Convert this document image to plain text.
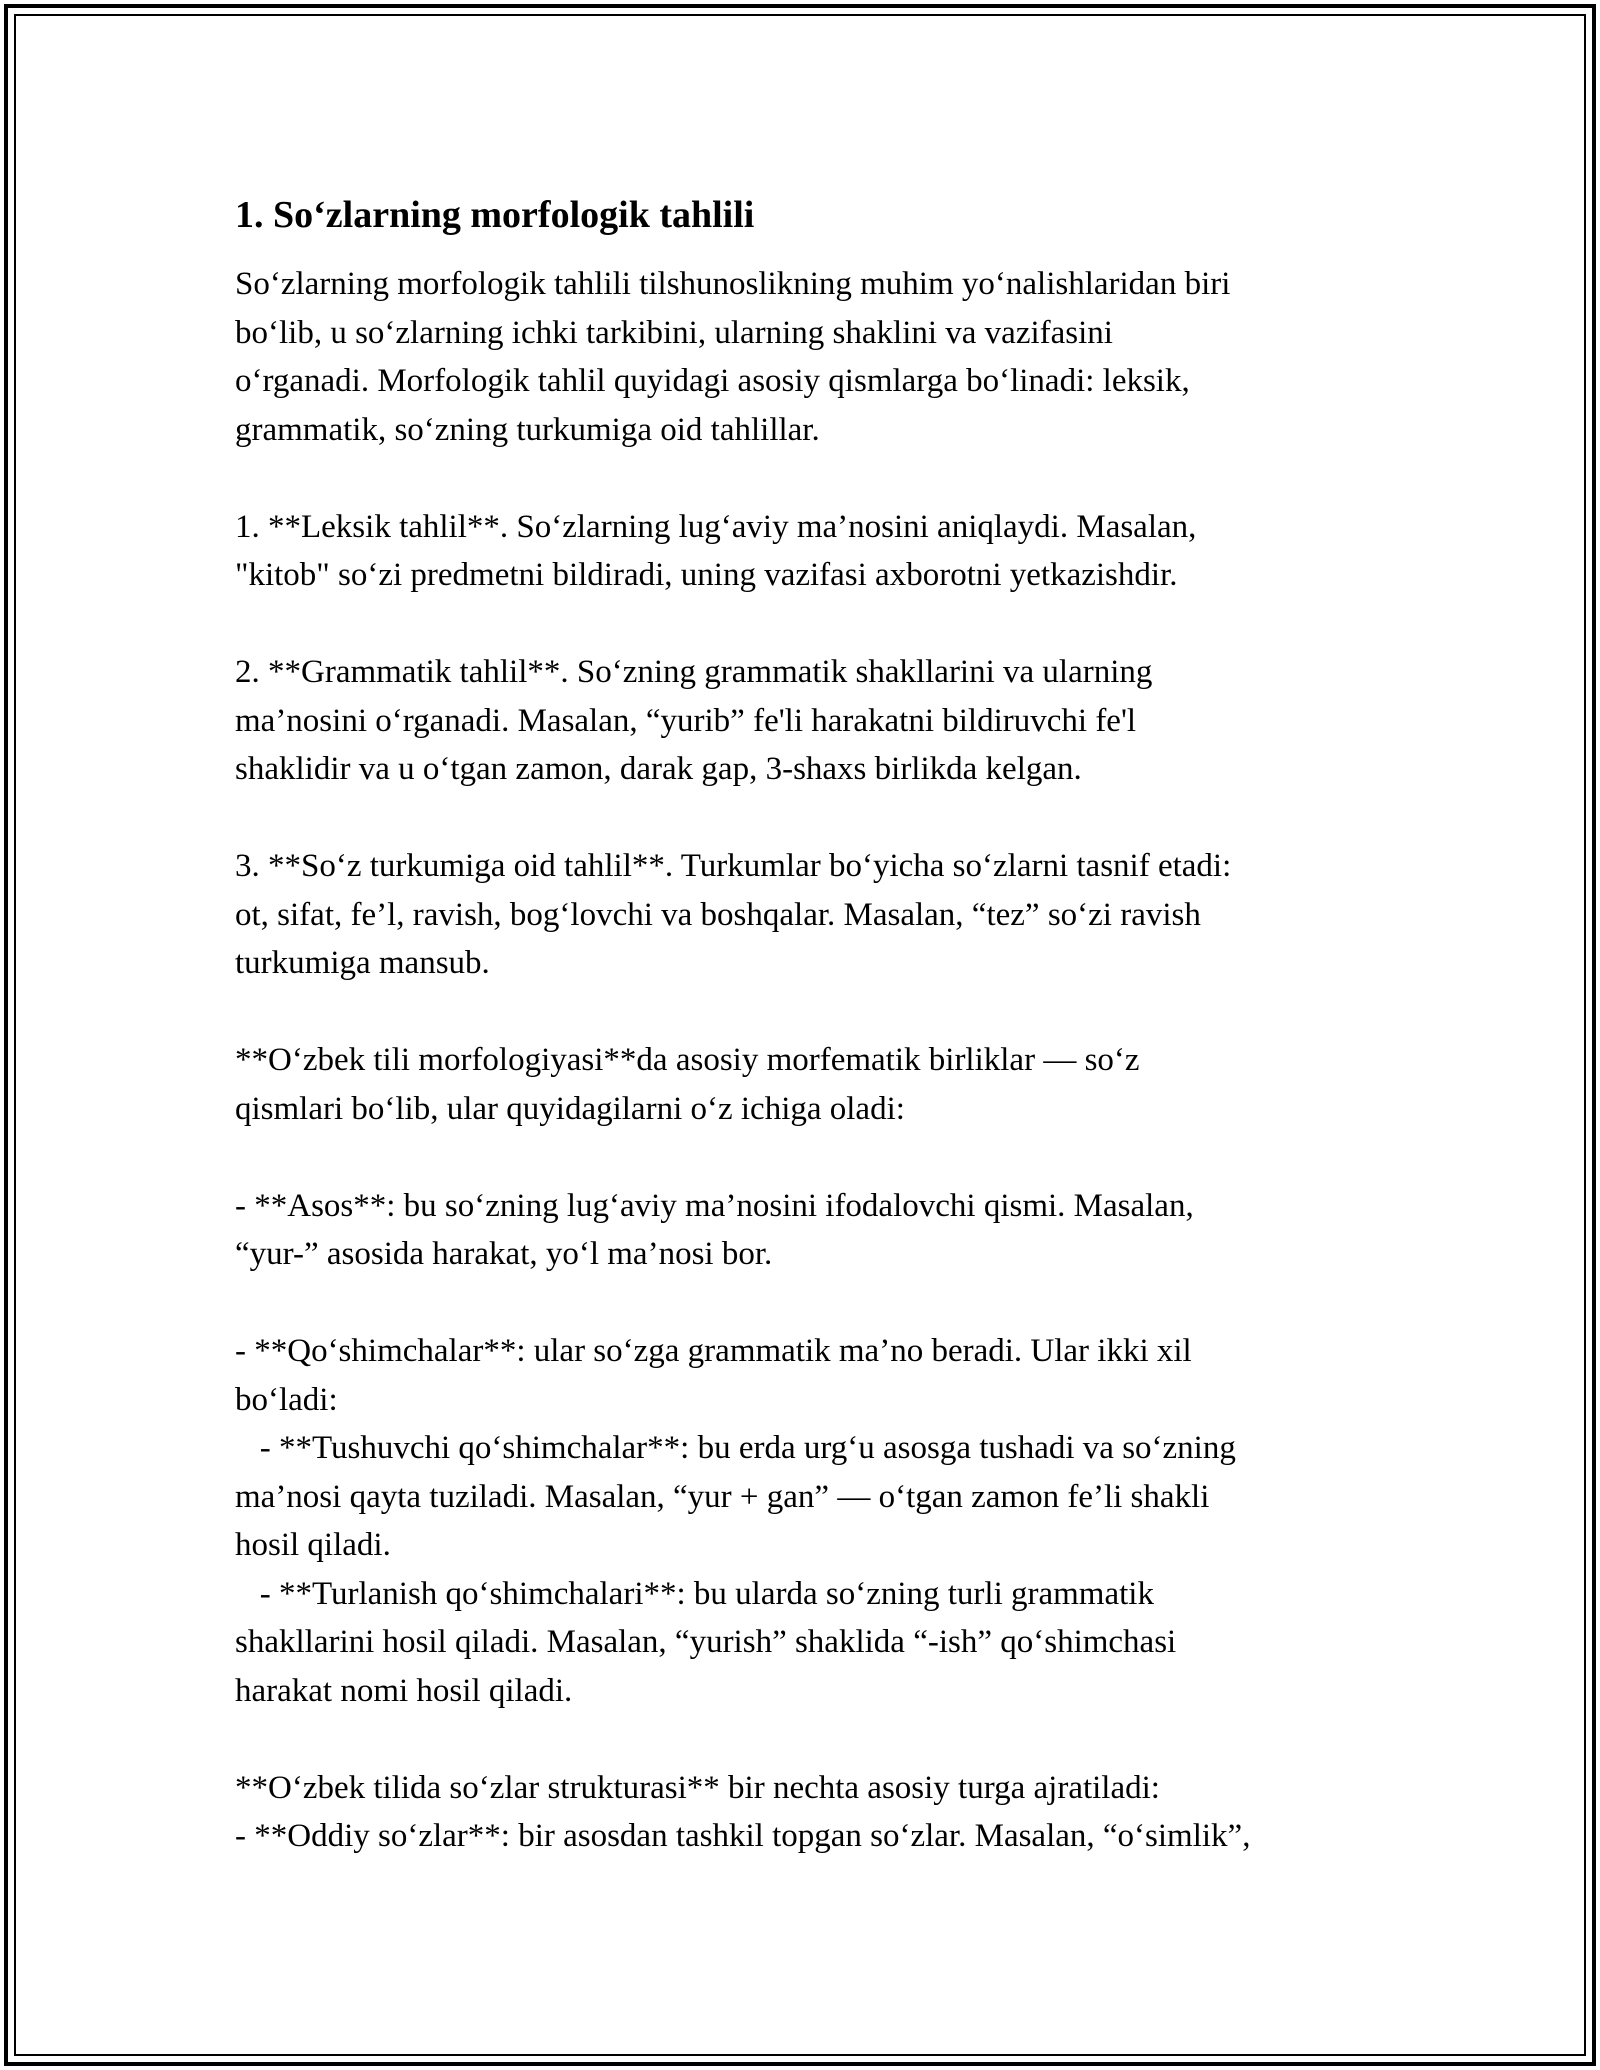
1. So‘zlarning morfologik tahlili
So‘zlarning morfologik tahlili tilshunoslikning muhim yo‘nalishlaridan biri
bo‘lib, u so‘zlarning ichki tarkibini, ularning shaklini va vazifasini
o‘rganadi. Morfologik tahlil quyidagi asosiy qismlarga bo‘linadi: leksik,
grammatik, so‘zning turkumiga oid tahlillar.
1. **Leksik tahlil**. So‘zlarning lug‘aviy ma’nosini aniqlaydi. Masalan,
"kitob" so‘zi predmetni bildiradi, uning vazifasi axborotni yetkazishdir.
2. **Grammatik tahlil**. So‘zning grammatik shakllarini va ularning
ma’nosini o‘rganadi. Masalan, “yurib” fe'li harakatni bildiruvchi fe'l
shaklidir va u o‘tgan zamon, darak gap, 3-shaxs birlikda kelgan.
3. **So‘z turkumiga oid tahlil**. Turkumlar bo‘yicha so‘zlarni tasnif etadi:
ot, sifat, fe’l, ravish, bog‘lovchi va boshqalar. Masalan, “tez” so‘zi ravish
turkumiga mansub.
**O‘zbek tili morfologiyasi**da asosiy morfematik birliklar — so‘z
qismlari bo‘lib, ular quyidagilarni o‘z ichiga oladi:
- **Asos**: bu so‘zning lug‘aviy ma’nosini ifodalovchi qismi. Masalan,
“yur-” asosida harakat, yo‘l ma’nosi bor.
- **Qo‘shimchalar**: ular so‘zga grammatik ma’no beradi. Ular ikki xil
bo‘ladi:
- **Tushuvchi qo‘shimchalar**: bu erda urg‘u asosga tushadi va so‘zning
ma’nosi qayta tuziladi. Masalan, “yur + gan” — o‘tgan zamon fe’li shakli
hosil qiladi.
- **Turlanish qo‘shimchalari**: bu ularda so‘zning turli grammatik
shakllarini hosil qiladi. Masalan, “yurish” shaklida “-ish” qo‘shimchasi
harakat nomi hosil qiladi.
**O‘zbek tilida so‘zlar strukturasi** bir nechta asosiy turga ajratiladi:
- **Oddiy so‘zlar**: bir asosdan tashkil topgan so‘zlar. Masalan, “o‘simlik”,
